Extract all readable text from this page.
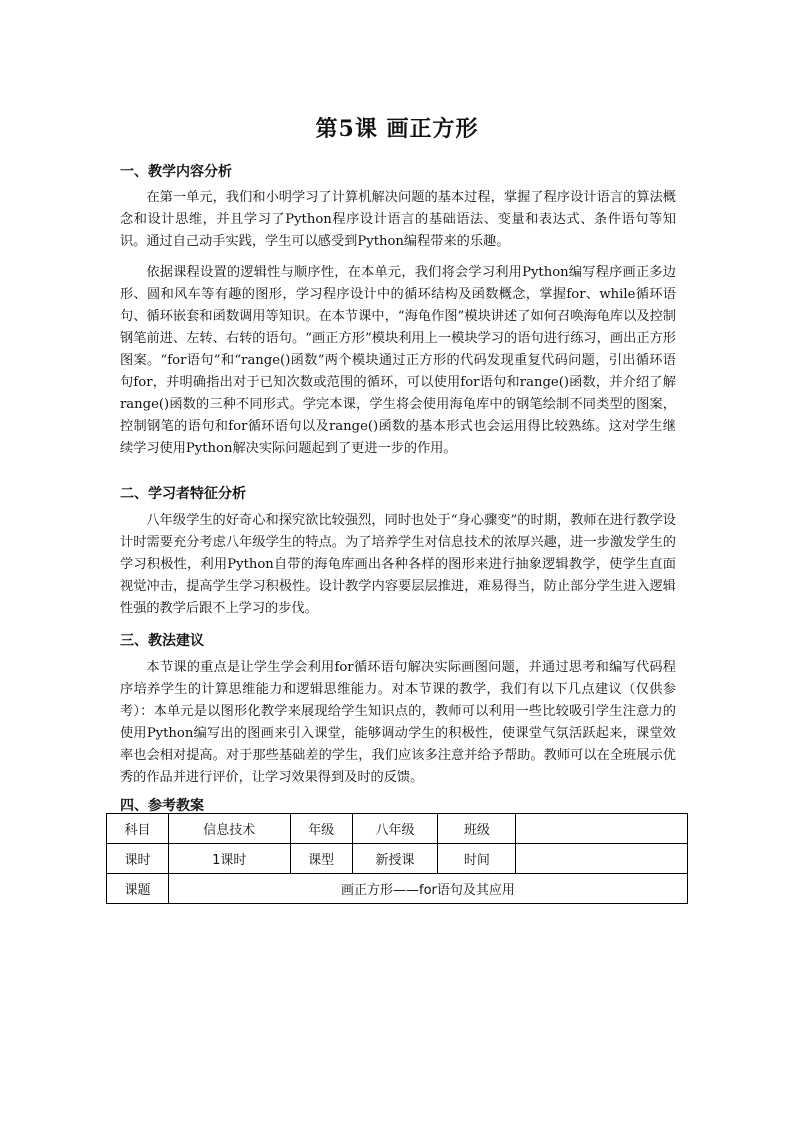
第5课 画正方形
一、教学内容分析

在第一单元，我们和小明学习了计算机解决问题的基本过程，掌握了程序设计语言的算法概念和设计思维，并且学习了Python程序设计语言的基础语法、变量和表达式、条件语句等知识。通过自己动手实践，学生可以感受到Python编程带来的乐趣。

依据课程设置的逻辑性与顺序性，在本单元，我们将会学习利用Python编写程序画正多边形、圆和风车等有趣的图形，学习程序设计中的循环结构及函数概念，掌握for、while循环语句、循环嵌套和函数调用等知识。在本节课中，“海龟作图”模块讲述了如何召唤海龟库以及控制钢笔前进、左转、右转的语句。“画正方形”模块利用上一模块学习的语句进行练习，画出正方形图案。“for语句”和“range()函数”两个模块通过正方形的代码发现重复代码问题，引出循环语句for，并明确指出对于已知次数或范围的循环，可以使用for语句和range()函数，并介绍了解range()函数的三种不同形式。学完本课，学生将会使用海龟库中的钢笔绘制不同类型的图案，控制钢笔的语句和for循环语句以及range()函数的基本形式也会运用得比较熟练。这对学生继续学习使用Python解决实际问题起到了更进一步的作用。

二、学习者特征分析

八年级学生的好奇心和探究欲比较强烈，同时也处于“身心骤变”的时期，教师在进行教学设计时需要充分考虑八年级学生的特点。为了培养学生对信息技术的浓厚兴趣，进一步激发学生的学习积极性，利用Python自带的海龟库画出各种各样的图形来进行抽象逻辑教学，使学生直面视觉冲击，提高学生学习积极性。设计教学内容要层层推进，难易得当，防止部分学生进入逻辑性强的教学后跟不上学习的步伐。

三、教法建议

本节课的重点是让学生学会利用for循环语句解决实际画图问题，并通过思考和编写代码程序培养学生的计算思维能力和逻辑思维能力。对本节课的教学，我们有以下几点建议（仅供参考）：本单元是以图形化教学来展现给学生知识点的，教师可以利用一些比较吸引学生注意力的使用Python编写出的图画来引入课堂，能够调动学生的积极性，使课堂气氛活跃起来，课堂效率也会相对提高。对于那些基础差的学生，我们应该多注意并给予帮助。教师可以在全班展示优秀的作品并进行评价，让学习效果得到及时的反馈。

四、参考教案
科目	信息技术	年级	八年级	班级	
课时	1课时	课型	新授课	时间	
课题	画正方形——for语句及其应用				
